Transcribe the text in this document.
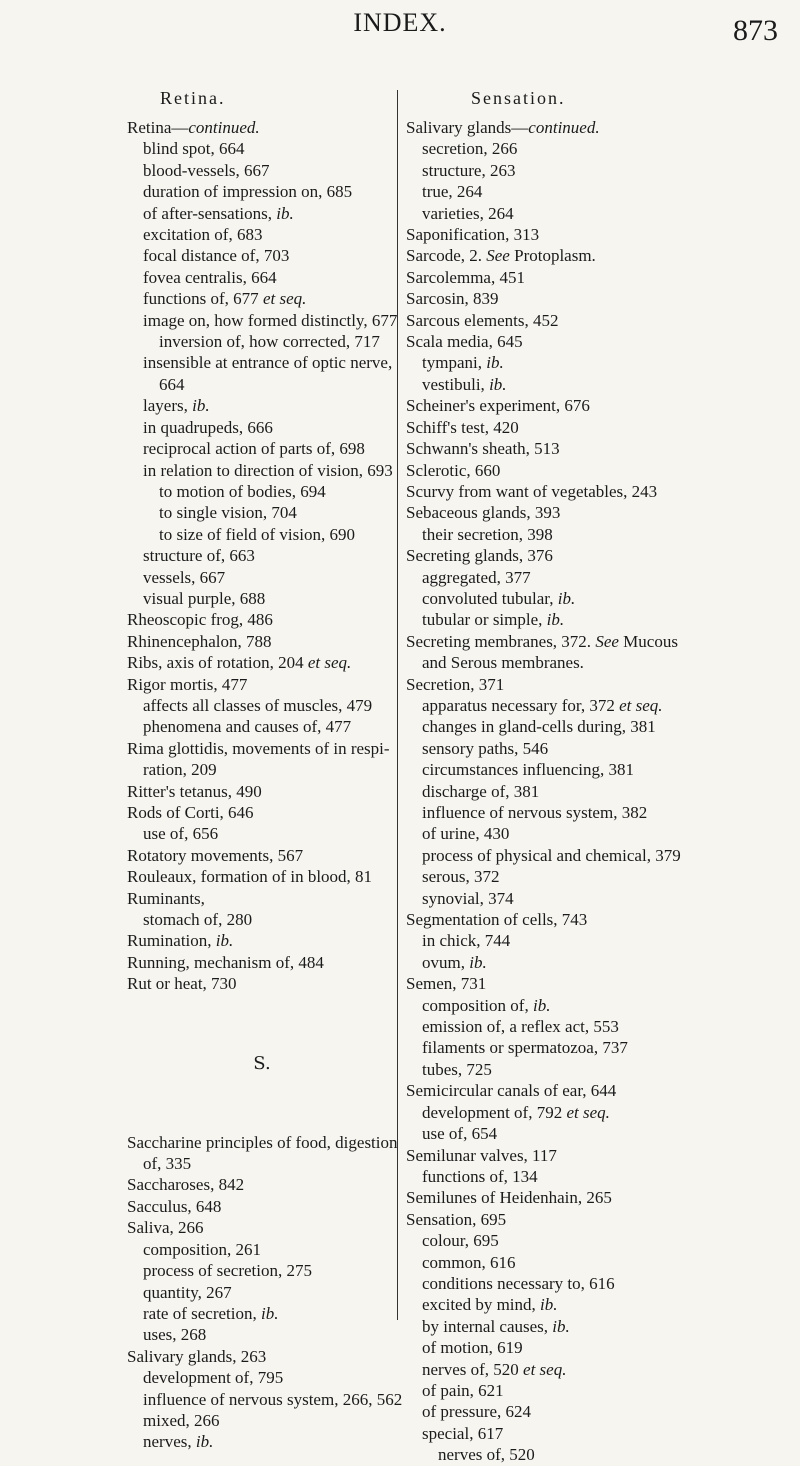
INDEX.	873
Retina.
Retina—continued.
blind spot, 664
blood-vessels, 667
duration of impression on, 685
of after-sensations, ib.
excitation of, 683
focal distance of, 703
fovea centralis, 664
functions of, 677 et seq.
image on, how formed distinctly, 677
inversion of, how corrected, 717
insensible at entrance of optic nerve,
664
layers, ib.
in quadrupeds, 666
reciprocal action of parts of, 698
in relation to direction of vision, 693
to motion of bodies, 694
to single vision, 704
to size of field of vision, 690
structure of, 663
vessels, 667
visual purple, 688
Rheoscopic frog, 486
Rhinencephalon, 788
Ribs, axis of rotation, 204 et seq.
Rigor mortis, 477
affects all classes of muscles, 479
phenomena and causes of, 477
Rima glottidis, movements of in respi-
ration, 209
Ritter's tetanus, 490
Rods of Corti, 646
use of, 656
Rotatory movements, 567
Rouleaux, formation of in blood, 81
Ruminants,
stomach of, 280
Rumination, ib.
Running, mechanism of, 484
Rut or heat, 730
S.
Saccharine principles of food, digestion
of, 335
Saccharoses, 842
Sacculus, 648
Saliva, 266
composition, 261
process of secretion, 275
quantity, 267
rate of secretion, ib.
uses, 268
Salivary glands, 263
development of, 795
influence of nervous system, 266, 562
mixed, 266
nerves, ib.
Sensation.
Salivary glands—continued.
secretion, 266
structure, 263
true, 264
varieties, 264
Saponification, 313
Sarcode, 2. See Protoplasm.
Sarcolemma, 451
Sarcosin, 839
Sarcous elements, 452
Scala media, 645
tympani, ib.
vestibuli, ib.
Scheiner's experiment, 676
Schiff's test, 420
Schwann's sheath, 513
Sclerotic, 660
Scurvy from want of vegetables, 243
Sebaceous glands, 393
their secretion, 398
Secreting glands, 376
aggregated, 377
convoluted tubular, ib.
tubular or simple, ib.
Secreting membranes, 372. See Mucous
and Serous membranes.
Secretion, 371
apparatus necessary for, 372 et seq.
changes in gland-cells during, 381
sensory paths, 546
circumstances influencing, 381
discharge of, 381
influence of nervous system, 382
of urine, 430
process of physical and chemical, 379
serous, 372
synovial, 374
Segmentation of cells, 743
in chick, 744
ovum, ib.
Semen, 731
composition of, ib.
emission of, a reflex act, 553
filaments or spermatozoa, 737
tubes, 725
Semicircular canals of ear, 644
development of, 792 et seq.
use of, 654
Semilunar valves, 117
functions of, 134
Semilunes of Heidenhain, 265
Sensation, 695
colour, 695
common, 616
conditions necessary to, 616
excited by mind, ib.
by internal causes, ib.
of motion, 619
nerves of, 520 et seq.
of pain, 621
of pressure, 624
special, 617
nerves of, 520
